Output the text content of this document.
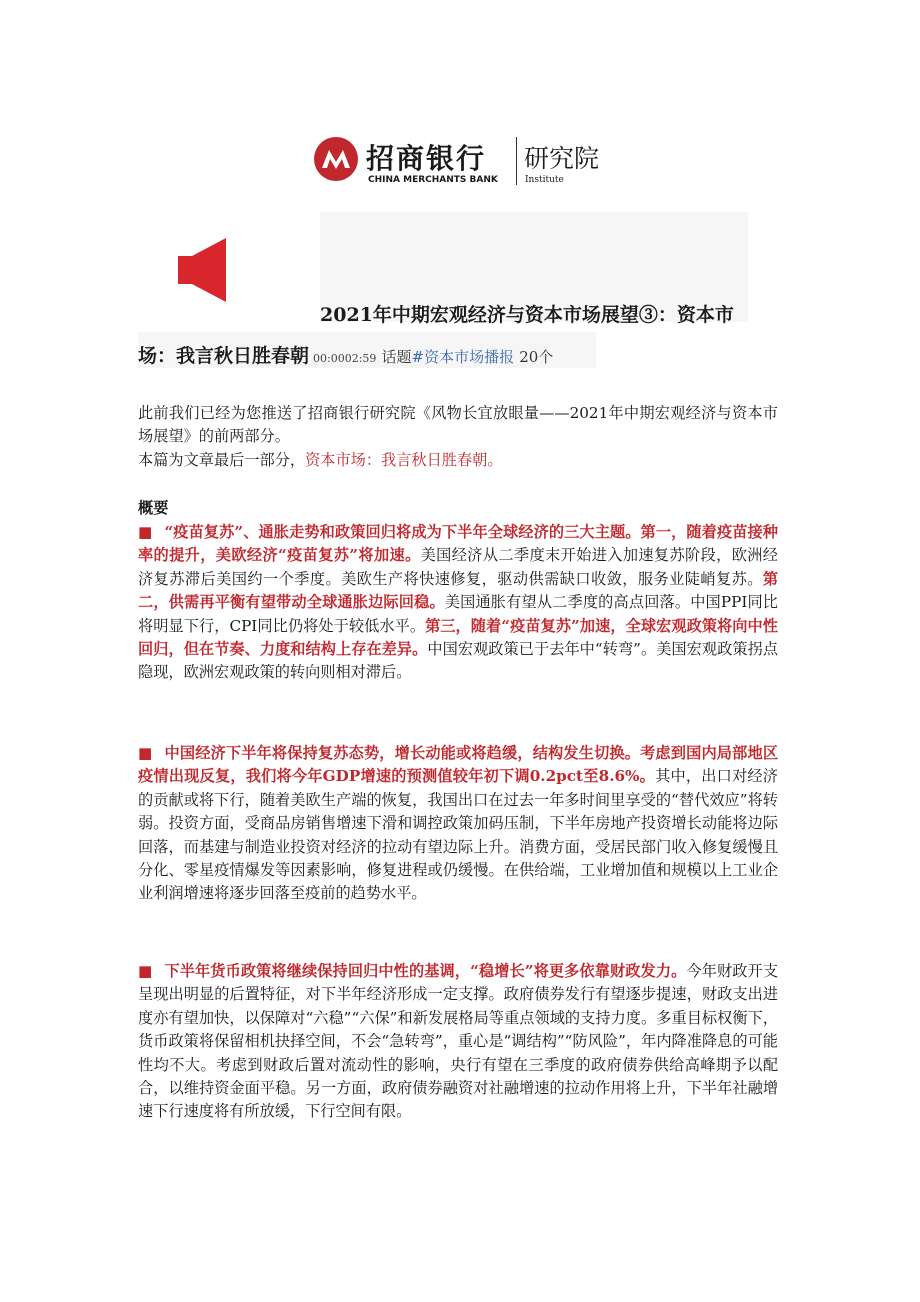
招商银行
CHINA MERCHANTS BANK
研究院
Institute
2021年中期宏观经济与资本市场展望③：资本市
场：我言秋日胜春朝 00:0002:59 话题#资本市场播报 20个

此前我们已经为您推送了招商银行研究院《风物长宜放眼量——2021年中期宏观经济与资本市场展望》的前两部分。

本篇为文章最后一部分，资本市场：我言秋日胜春朝。

概要

■ “疫苗复苏”、通胀走势和政策回归将成为下半年全球经济的三大主题。第一，随着疫苗接种率的提升，美欧经济“疫苗复苏”将加速。美国经济从二季度末开始进入加速复苏阶段，欧洲经济复苏滞后美国约一个季度。美欧生产将快速修复，驱动供需缺口收敛，服务业陡峭复苏。第二，供需再平衡有望带动全球通胀边际回稳。美国通胀有望从二季度的高点回落。中国PPI同比将明显下行，CPI同比仍将处于较低水平。第三，随着“疫苗复苏”加速，全球宏观政策将向中性回归，但在节奏、力度和结构上存在差异。中国宏观政策已于去年中“转弯”。美国宏观政策拐点隐现，欧洲宏观政策的转向则相对滞后。

■ 中国经济下半年将保持复苏态势，增长动能或将趋缓，结构发生切换。考虑到国内局部地区疫情出现反复，我们将今年GDP增速的预测值较年初下调0.2pct至8.6%。其中，出口对经济的贡献或将下行，随着美欧生产端的恢复，我国出口在过去一年多时间里享受的“替代效应”将转弱。投资方面，受商品房销售增速下滑和调控政策加码压制，下半年房地产投资增长动能将边际回落，而基建与制造业投资对经济的拉动有望边际上升。消费方面，受居民部门收入修复缓慢且分化、零星疫情爆发等因素影响，修复进程或仍缓慢。在供给端，工业增加值和规模以上工业企业利润增速将逐步回落至疫前的趋势水平。

■ 下半年货币政策将继续保持回归中性的基调，“稳增长”将更多依靠财政发力。今年财政开支呈现出明显的后置特征，对下半年经济形成一定支撑。政府债券发行有望逐步提速，财政支出进度亦有望加快，以保障对“六稳”“六保”和新发展格局等重点领域的支持力度。多重目标权衡下，货币政策将保留相机抉择空间，不会“急转弯”，重心是“调结构”“防风险”，年内降准降息的可能性均不大。考虑到财政后置对流动性的影响，央行有望在三季度的政府债券供给高峰期予以配合，以维持资金面平稳。另一方面，政府债券融资对社融增速的拉动作用将上升，下半年社融增速下行速度将有所放缓，下行空间有限。
